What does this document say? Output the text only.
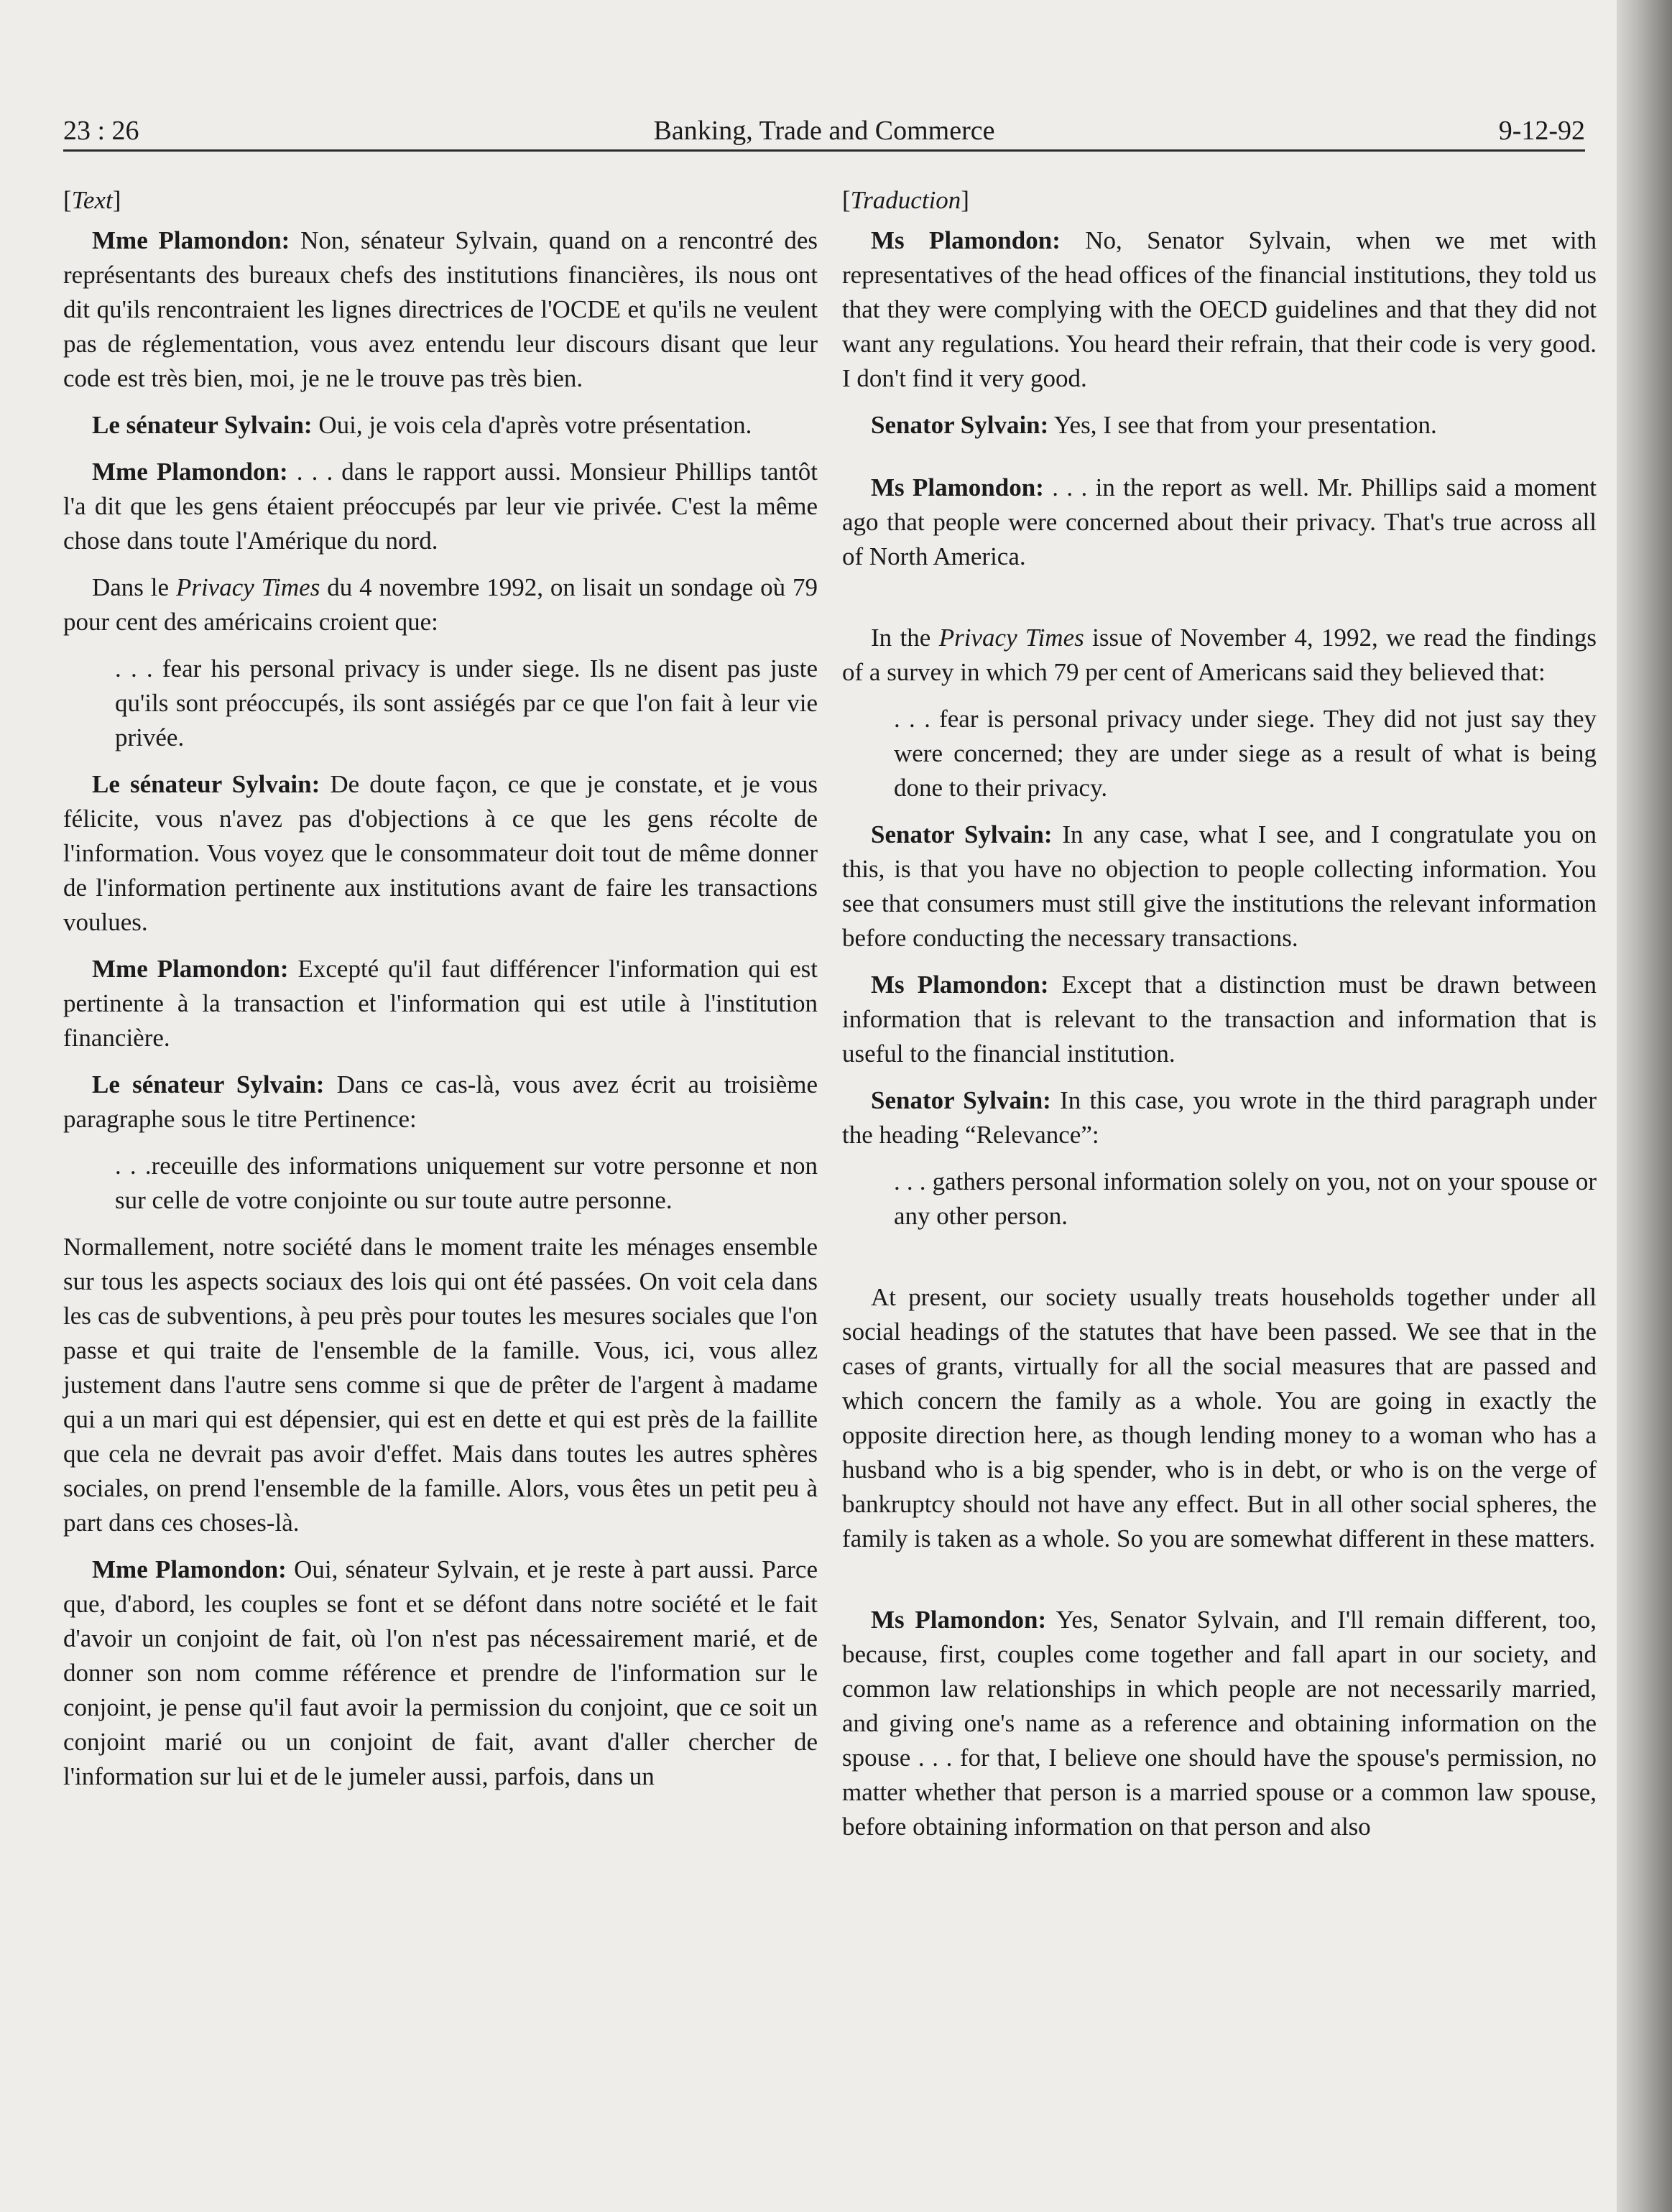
23 : 26	Banking, Trade and Commerce	9-12-92

[Text]

Mme Plamondon: Non, sénateur Sylvain, quand on a rencontré des représentants des bureaux chefs des institutions financières, ils nous ont dit qu'ils rencontraient les lignes directrices de l'OCDE et qu'ils ne veulent pas de réglementation, vous avez entendu leur discours disant que leur code est très bien, moi, je ne le trouve pas très bien.

Le sénateur Sylvain: Oui, je vois cela d'après votre présentation.

Mme Plamondon: . . . dans le rapport aussi. Monsieur Phillips tantôt l'a dit que les gens étaient préoccupés par leur vie privée. C'est la même chose dans toute l'Amérique du nord.

Dans le Privacy Times du 4 novembre 1992, on lisait un sondage où 79 pour cent des américains croient que:

. . . fear his personal privacy is under siege. Ils ne disent pas juste qu'ils sont préoccupés, ils sont assiégés par ce que l'on fait à leur vie privée.

Le sénateur Sylvain: De doute façon, ce que je constate, et je vous félicite, vous n'avez pas d'objections à ce que les gens récolte de l'information. Vous voyez que le consommateur doit tout de même donner de l'information pertinente aux institutions avant de faire les transactions voulues.

Mme Plamondon: Excepté qu'il faut différencer l'information qui est pertinente à la transaction et l'information qui est utile à l'institution financière.

Le sénateur Sylvain: Dans ce cas-là, vous avez écrit au troisième paragraphe sous le titre Pertinence:

. . .receuille des informations uniquement sur votre personne et non sur celle de votre conjointe ou sur toute autre personne.

Normallement, notre société dans le moment traite les ménages ensemble sur tous les aspects sociaux des lois qui ont été passées. On voit cela dans les cas de subventions, à peu près pour toutes les mesures sociales que l'on passe et qui traite de l'ensemble de la famille. Vous, ici, vous allez justement dans l'autre sens comme si que de prêter de l'argent à madame qui a un mari qui est dépensier, qui est en dette et qui est près de la faillite que cela ne devrait pas avoir d'effet. Mais dans toutes les autres sphères sociales, on prend l'ensemble de la famille. Alors, vous êtes un petit peu à part dans ces choses-là.

Mme Plamondon: Oui, sénateur Sylvain, et je reste à part aussi. Parce que, d'abord, les couples se font et se défont dans notre société et le fait d'avoir un conjoint de fait, où l'on n'est pas nécessairement marié, et de donner son nom comme référence et prendre de l'information sur le conjoint, je pense qu'il faut avoir la permission du conjoint, que ce soit un conjoint marié ou un conjoint de fait, avant d'aller chercher de l'information sur lui et de le jumeler aussi, parfois, dans un

[Traduction]

Ms Plamondon: No, Senator Sylvain, when we met with representatives of the head offices of the financial institutions, they told us that they were complying with the OECD guidelines and that they did not want any regulations. You heard their refrain, that their code is very good. I don't find it very good.

Senator Sylvain: Yes, I see that from your presentation.

Ms Plamondon: . . . in the report as well. Mr. Phillips said a moment ago that people were concerned about their privacy. That's true across all of North America.

In the Privacy Times issue of November 4, 1992, we read the findings of a survey in which 79 per cent of Americans said they believed that:

. . . fear is personal privacy under siege. They did not just say they were concerned; they are under siege as a result of what is being done to their privacy.

Senator Sylvain: In any case, what I see, and I congratulate you on this, is that you have no objection to people collecting information. You see that consumers must still give the institutions the relevant information before conducting the necessary transactions.

Ms Plamondon: Except that a distinction must be drawn between information that is relevant to the transaction and information that is useful to the financial institution.

Senator Sylvain: In this case, you wrote in the third paragraph under the heading “Relevance”:

. . . gathers personal information solely on you, not on your spouse or any other person.

At present, our society usually treats households together under all social headings of the statutes that have been passed. We see that in the cases of grants, virtually for all the social measures that are passed and which concern the family as a whole. You are going in exactly the opposite direction here, as though lending money to a woman who has a husband who is a big spender, who is in debt, or who is on the verge of bankruptcy should not have any effect. But in all other social spheres, the family is taken as a whole. So you are somewhat different in these matters.

Ms Plamondon: Yes, Senator Sylvain, and I'll remain different, too, because, first, couples come together and fall apart in our society, and common law relationships in which people are not necessarily married, and giving one's name as a reference and obtaining information on the spouse . . . for that, I believe one should have the spouse's permission, no matter whether that person is a married spouse or a common law spouse, before obtaining information on that person and also
